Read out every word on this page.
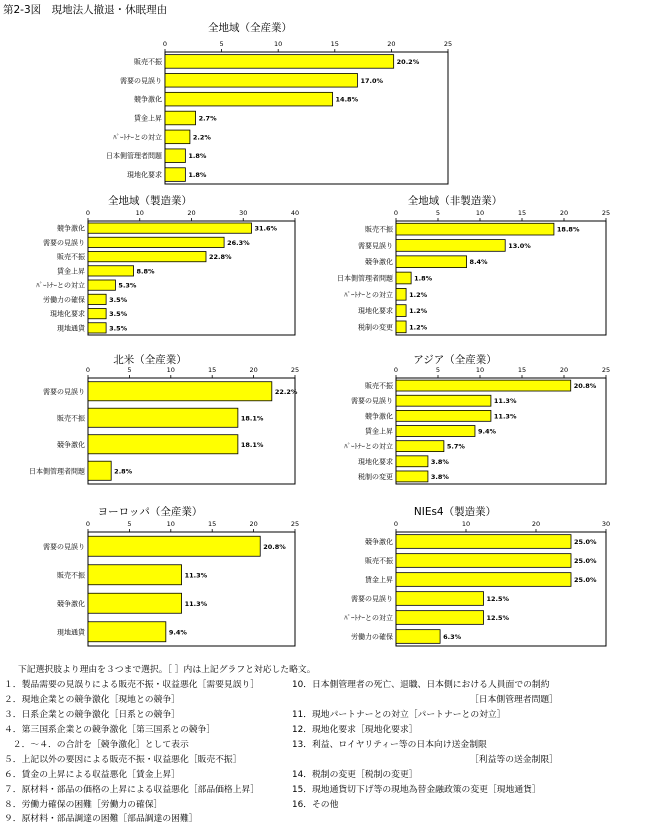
第2-3図　現地法人撤退・休眠理由
全地域（全産業）
0	5	10	15	20	25
販売不振	20.2%
需要の見誤り	17.0%
競争激化	14.8%
賃金上昇	2.7%
ﾊﾟｰﾄﾅｰとの対立	2.2%
日本側管理者問題	1.8%
現地化要求	1.8%
全地域（製造業）
0	10	20	30	40
競争激化	31.6%
需要の見誤り	26.3%
販売不振	22.8%
賃金上昇	8.8%
ﾊﾟｰﾄﾅｰとの対立	5.3%
労働力の確保	3.5%
現地化要求	3.5%
現地通貨	3.5%
全地域（非製造業）
0	5	10	15	20	25
販売不振	18.8%
需要見誤り	13.0%
競争激化	8.4%
日本側管理者問題	1.8%
ﾊﾟｰﾄﾅｰとの対立 1.2%
現地化要求 1.2%
税制の変更 1.2%
北米（全産業）
0	5	10	15	20	25
需要の見誤り	22.2%
販売不振	18.1%
競争激化	18.1%
日本側管理者問題	2.8%
アジア（全産業）
0	5	10	15	20	25
販売不振	20.8%
需要の見誤り	11.3%
競争激化	11.3%
賃金上昇	9.4%
ﾊﾟｰﾄﾅｰとの対立	5.7%
現地化要求	3.8%
税制の変更	3.8%
ヨーロッパ（全産業）
0	5	10	15	20	25
需要の見誤り	20.8%
販売不振	11.3%
競争激化	11.3%
現地通貨	9.4%
NIEs4（製造業）
0	10	20	30
競争激化	25.0%
販売不振	25.0%
賃金上昇	25.0%
需要の見誤り	12.5%
ﾊﾟｰﾄﾅｰとの対立	12.5%
労働力の確保	6.3%
下記選択肢より理由を３つまで選択。［ ］内は上記グラフと対応した略文。
１．製品需要の見誤りによる販売不振・収益悪化［需要見誤り］
２．現地企業との競争激化［現地との競争］
３．日系企業との競争激化［日系との競争］
４．第三国系企業との競争激化［第三国系との競争］
　２．～４．の合計を［競争激化］として表示
５．上記以外の要因による販売不振・収益悪化［販売不振］
６．賃金の上昇による収益悪化［賃金上昇］
７．原材料・部品の価格の上昇による収益悪化［部品価格上昇］
８．労働力確保の困難［労働力の確保］
９．原材料・部品調達の困難［部品調達の困難］
10．日本側管理者の死亡、退職、日本側における人員面での制約
［日本側管理者問題］
11．現地パートナーとの対立［パートナーとの対立］
12．現地化要求［現地化要求］
13．利益、ロイヤリティー等の日本向け送金制限
［利益等の送金制限］
14．税制の変更［税制の変更］
15．現地通貨切下げ等の現地為替金融政策の変更［現地通貨］
16．その他
